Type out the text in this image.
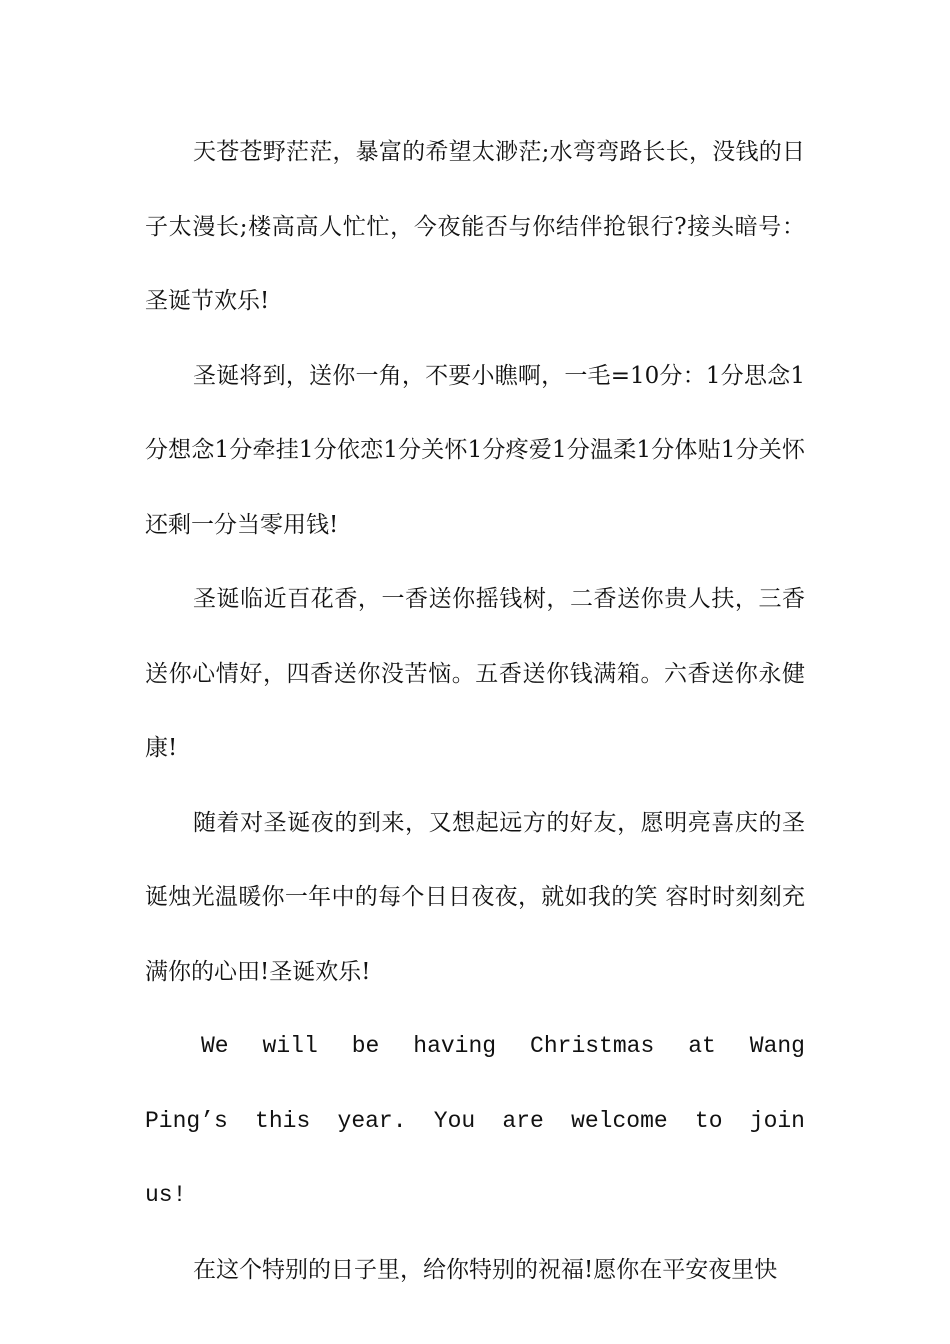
天苍苍野茫茫，暴富的希望太渺茫;水弯弯路长长，没钱的日子太漫长;楼高高人忙忙，今夜能否与你结伴抢银行?接头暗号：圣诞节欢乐!

圣诞将到，送你一角，不要小瞧啊，一毛=10分：1分思念1分想念1分牵挂1分依恋1分关怀1分疼爱1分温柔1分体贴1分关怀还剩一分当零用钱!

圣诞临近百花香，一香送你摇钱树，二香送你贵人扶，三香送你心情好，四香送你没苦恼。五香送你钱满箱。六香送你永健康!

随着对圣诞夜的到来，又想起远方的好友，愿明亮喜庆的圣诞烛光温暖你一年中的每个日日夜夜，就如我的笑 容时时刻刻充满你的心田!圣诞欢乐!

We will be having Christmas at Wang Ping’s this year. You are welcome to join us!

在这个特别的日子里，给你特别的祝福!愿你在平安夜里快
